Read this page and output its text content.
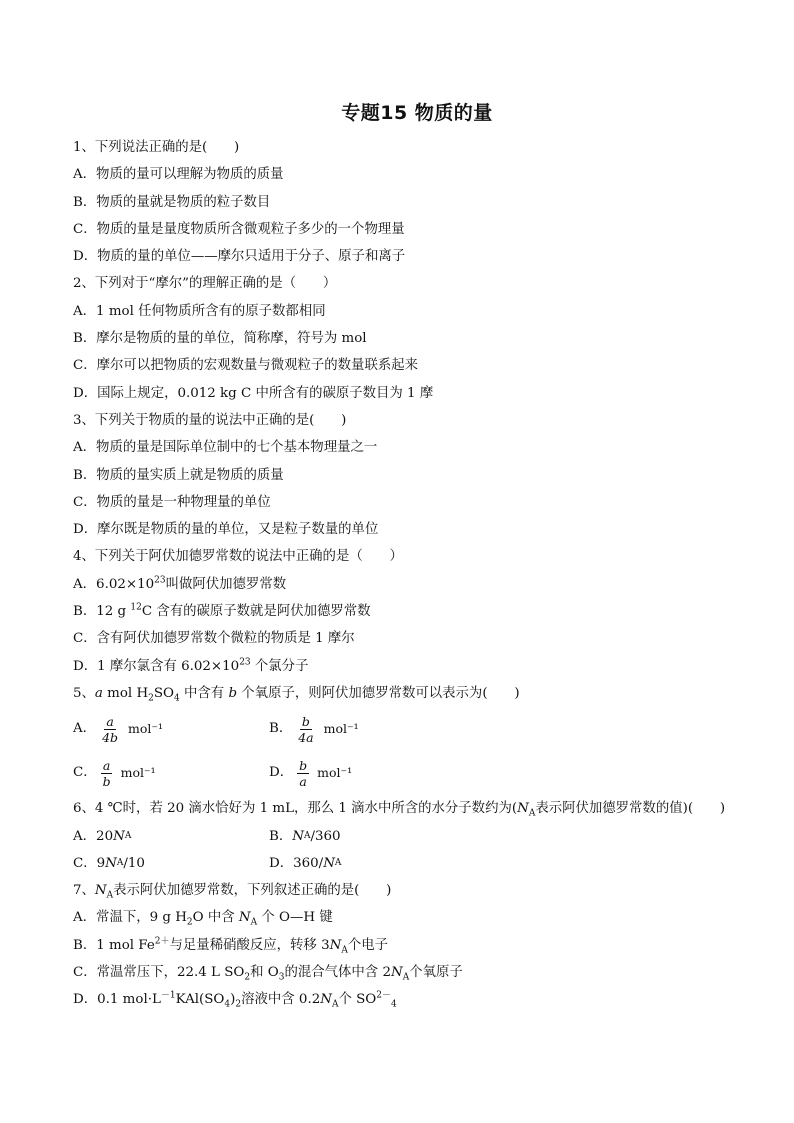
专题15 物质的量
1、下列说法正确的是(　　)
A．物质的量可以理解为物质的质量
B．物质的量就是物质的粒子数目
C．物质的量是量度物质所含微观粒子多少的一个物理量
D．物质的量的单位——摩尔只适用于分子、原子和离子
2、下列对于“摩尔”的理解正确的是（　　）
A．1 mol 任何物质所含有的原子数都相同
B．摩尔是物质的量的单位，简称摩，符号为 mol
C．摩尔可以把物质的宏观数量与微观粒子的数量联系起来
D．国际上规定，0.012 kg C 中所含有的碳原子数目为 1 摩
3、下列关于物质的量的说法中正确的是(　　)
A．物质的量是国际单位制中的七个基本物理量之一
B．物质的量实质上就是物质的质量
C．物质的量是一种物理量的单位
D．摩尔既是物质的量的单位，又是粒子数量的单位
4、下列关于阿伏加德罗常数的说法中正确的是（　　）
A．$6.02\times 10^{23}$叫做阿伏加德罗常数
B．12 g $^{12}$C 含有的碳原子数就是阿伏加德罗常数
C．含有阿伏加德罗常数个微粒的物质是 1 摩尔
D．1 摩尔氯含有 $6.02\times 10^{23}$ 个氯分子
5、a mol $H_2SO_4$ 中含有 b 个氧原子，则阿伏加德罗常数可以表示为(　　)
A． $\frac{a}{4b} mol^{-1}$	B． $\frac{b}{4a} mol^{-1}$
C． $\frac{a}{b} mol^{-1}$	D． $\frac{b}{a} mol^{-1}$
6、4 ℃时，若 20 滴水恰好为 1 mL，那么 1 滴水中所含的水分子数约为($N_A$表示阿伏加德罗常数的值)(　　)
A．20 N A	B． N A /360
C．9 N A /10	D．360/ N A
7、$N_A$表示阿伏加德罗常数，下列叙述正确的是(　　)
A．常温下，9 g $H_2O$ 中含 $N_A$ 个 O—H 键
B．1 mol $Fe^{2+}$与足量稀硝酸反应，转移 $3N_A$个电子
C．常温常压下，22.4 L $SO_2$和 $O_3$的混合气体中含 $2N_A$个氧原子
D．0.1 $mol\cdot L^{-1}KAl(SO_4)_2$溶液中含 $0.2N_A$个 $SO^{2-}_4$
